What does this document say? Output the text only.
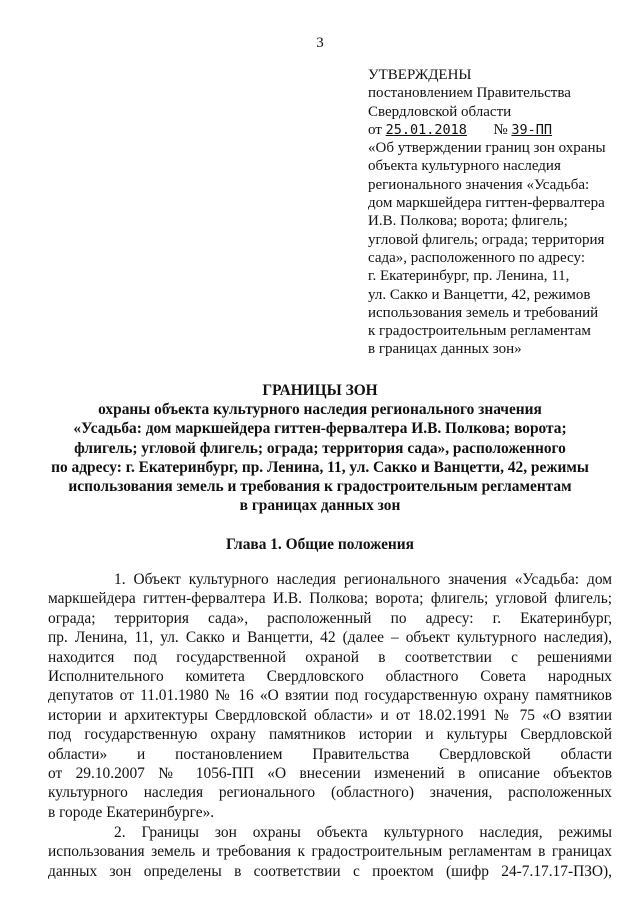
3
УТВЕРЖДЕНЫ
постановлением Правительства
Свердловской области
от 25.01.2018 № 39-ПП
«Об утверждении границ зон охраны
объекта культурного наследия
регионального значения «Усадьба:
дом маркшейдера гиттен-фервалтера
И.В. Полкова; ворота; флигель;
угловой флигель; ограда; территория
сада», расположенного по адресу:
г. Екатеринбург, пр. Ленина, 11,
ул. Сакко и Ванцетти, 42, режимов
использования земель и требований
к градостроительным регламентам
в границах данных зон»
ГРАНИЦЫ ЗОН
охраны объекта культурного наследия регионального значения
«Усадьба: дом маркшейдера гиттен-фервалтера И.В. Полкова; ворота;
флигель; угловой флигель; ограда; территория сада», расположенного
по адресу: г. Екатеринбург, пр. Ленина, 11, ул. Сакко и Ванцетти, 42, режимы
использования земель и требования к градостроительным регламентам
в границах данных зон
Глава 1. Общие положения
1. Объект культурного наследия регионального значения «Усадьба: дом
маркшейдера гиттен-фервалтера И.В. Полкова; ворота; флигель; угловой флигель;
ограда; территория сада», расположенный по адресу: г. Екатеринбург,
пр. Ленина, 11, ул. Сакко и Ванцетти, 42 (далее – объект культурного наследия),
находится под государственной охраной в соответствии с решениями
Исполнительного комитета Свердловского областного Совета народных
депутатов от 11.01.1980 № 16 «О взятии под государственную охрану памятников
истории и архитектуры Свердловской области» и от 18.02.1991 № 75 «О взятии
под государственную охрану памятников истории и культуры Свердловской
области» и постановлением Правительства Свердловской области
от 29.10.2007 № 1056-ПП «О внесении изменений в описание объектов
культурного наследия регионального (областного) значения, расположенных
в городе Екатеринбурге».
2. Границы зон охраны объекта культурного наследия, режимы
использования земель и требования к градостроительным регламентам в границах
данных зон определены в соответствии с проектом (шифр 24-7.17.17-ПЗО),
